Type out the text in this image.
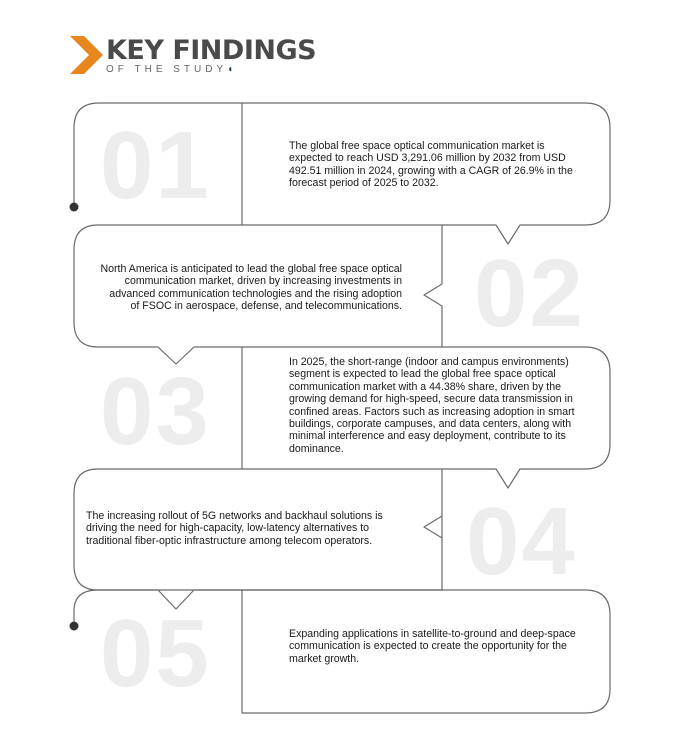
KEY FINDINGS
OF THE STUDY◖
01	The global free space optical communication market is expected to reach USD 3,291.06 million by 2032 from USD 492.51 million in 2024, growing with a CAGR of 26.9% in the forecast period of 2025 to 2032.
02
North America is anticipated to lead the global free space optical communication market, driven by increasing investments in advanced communication technologies and the rising adoption of FSOC in aerospace, defense, and telecommunications.
03	In 2025, the short-range (indoor and campus environments) segment is expected to lead the global free space optical communication market with a 44.38% share, driven by the growing demand for high-speed, secure data transmission in confined areas. Factors such as increasing adoption in smart buildings, corporate campuses, and data centers, along with minimal interference and easy deployment, contribute to its dominance.
04
The increasing rollout of 5G networks and backhaul solutions is driving the need for high-capacity, low-latency alternatives to traditional fiber-optic infrastructure among telecom operators.
05	Expanding applications in satellite-to-ground and deep-space communication is expected to create the opportunity for the market growth.
